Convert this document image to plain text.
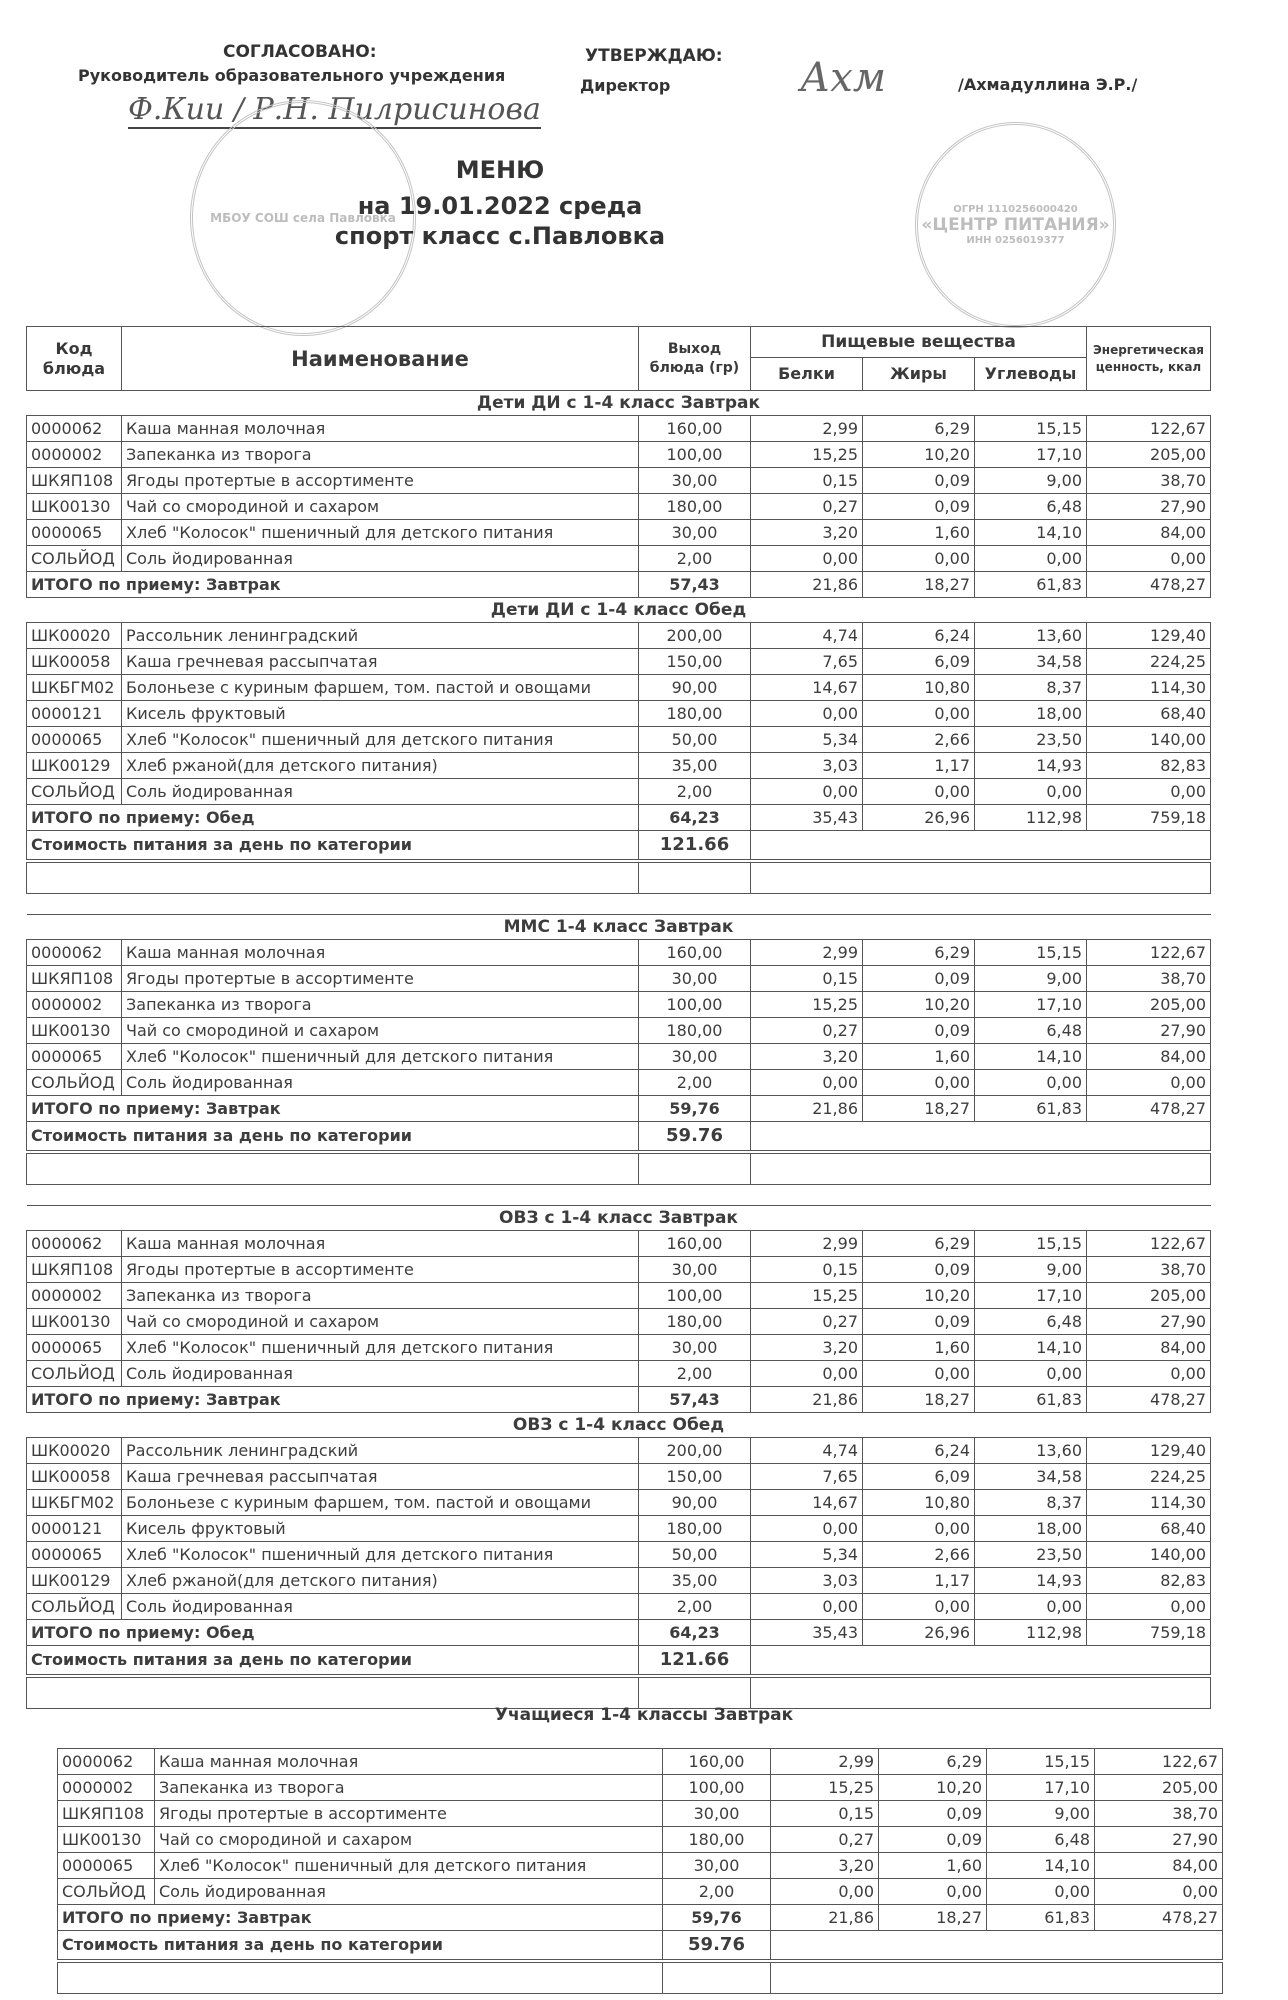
СОГЛАСОВАНО:
Руководитель образовательного учреждения
Ф.Кии / Р.Н. Пилрисинова
УТВЕРЖДАЮ:
Директор	Ахм	/Ахмадуллина Э.Р./
МБОУ СОШ села Павловка
ОГРН 1110256000420
«ЦЕНТР ПИТАНИЯ»
ИНН 0256019377
МЕНЮ
на 19.01.2022 среда
спорт класс с.Павловка
Код блюда	Наименование	Выход блюда (гр)	Пищевые вещества			Энергетическая ценность, ккал
			Белки	Жиры	Углеводы	
Дети ДИ с 1-4 класс Завтрак						
0000062	Каша манная молочная	160,00	2,99	6,29	15,15	122,67
0000002	Запеканка из творога	100,00	15,25	10,20	17,10	205,00
ШКЯП108	Ягоды протертые в ассортименте	30,00	0,15	0,09	9,00	38,70
ШК00130	Чай со смородиной и сахаром	180,00	0,27	0,09	6,48	27,90
0000065	Хлеб "Колосок" пшеничный для детского питания	30,00	3,20	1,60	14,10	84,00
СОЛЬЙОД	Соль йодированная	2,00	0,00	0,00	0,00	0,00
ИТОГО по приему: Завтрак		57,43	21,86	18,27	61,83	478,27
Дети ДИ с 1-4 класс Обед						
ШК00020	Рассольник ленинградский	200,00	4,74	6,24	13,60	129,40
ШК00058	Каша гречневая рассыпчатая	150,00	7,65	6,09	34,58	224,25
ШКБГМ02	Болоньезе с куриным фаршем, том. пастой и овощами	90,00	14,67	10,80	8,37	114,30
0000121	Кисель фруктовый	180,00	0,00	0,00	18,00	68,40
0000065	Хлеб "Колосок" пшеничный для детского питания	50,00	5,34	2,66	23,50	140,00
ШК00129	Хлеб ржаной(для детского питания)	35,00	3,03	1,17	14,93	82,83
СОЛЬЙОД	Соль йодированная	2,00	0,00	0,00	0,00	0,00
ИТОГО по приему: Обед		64,23	35,43	26,96	112,98	759,18
Стоимость питания за день по категории		121.66				

ММС 1-4 класс Завтрак						
0000062	Каша манная молочная	160,00	2,99	6,29	15,15	122,67
ШКЯП108	Ягоды протертые в ассортименте	30,00	0,15	0,09	9,00	38,70
0000002	Запеканка из творога	100,00	15,25	10,20	17,10	205,00
ШК00130	Чай со смородиной и сахаром	180,00	0,27	0,09	6,48	27,90
0000065	Хлеб "Колосок" пшеничный для детского питания	30,00	3,20	1,60	14,10	84,00
СОЛЬЙОД	Соль йодированная	2,00	0,00	0,00	0,00	0,00
ИТОГО по приему: Завтрак		59,76	21,86	18,27	61,83	478,27
Стоимость питания за день по категории		59.76				

ОВЗ с 1-4 класс Завтрак						
0000062	Каша манная молочная	160,00	2,99	6,29	15,15	122,67
ШКЯП108	Ягоды протертые в ассортименте	30,00	0,15	0,09	9,00	38,70
0000002	Запеканка из творога	100,00	15,25	10,20	17,10	205,00
ШК00130	Чай со смородиной и сахаром	180,00	0,27	0,09	6,48	27,90
0000065	Хлеб "Колосок" пшеничный для детского питания	30,00	3,20	1,60	14,10	84,00
СОЛЬЙОД	Соль йодированная	2,00	0,00	0,00	0,00	0,00
ИТОГО по приему: Завтрак		57,43	21,86	18,27	61,83	478,27
ОВЗ с 1-4 класс Обед						
ШК00020	Рассольник ленинградский	200,00	4,74	6,24	13,60	129,40
ШК00058	Каша гречневая рассыпчатая	150,00	7,65	6,09	34,58	224,25
ШКБГМ02	Болоньезе с куриным фаршем, том. пастой и овощами	90,00	14,67	10,80	8,37	114,30
0000121	Кисель фруктовый	180,00	0,00	0,00	18,00	68,40
0000065	Хлеб "Колосок" пшеничный для детского питания	50,00	5,34	2,66	23,50	140,00
ШК00129	Хлеб ржаной(для детского питания)	35,00	3,03	1,17	14,93	82,83
СОЛЬЙОД	Соль йодированная	2,00	0,00	0,00	0,00	0,00
ИТОГО по приему: Обед		64,23	35,43	26,96	112,98	759,18
Стоимость питания за день по категории		121.66				

Учащиеся 1-4 классы Завтрак
0000062	Каша манная молочная	160,00	2,99	6,29	15,15	122,67
0000002	Запеканка из творога	100,00	15,25	10,20	17,10	205,00
ШКЯП108	Ягоды протертые в ассортименте	30,00	0,15	0,09	9,00	38,70
ШК00130	Чай со смородиной и сахаром	180,00	0,27	0,09	6,48	27,90
0000065	Хлеб "Колосок" пшеничный для детского питания	30,00	3,20	1,60	14,10	84,00
СОЛЬЙОД	Соль йодированная	2,00	0,00	0,00	0,00	0,00
ИТОГО по приему: Завтрак		59,76	21,86	18,27	61,83	478,27
Стоимость питания за день по категории		59.76				
